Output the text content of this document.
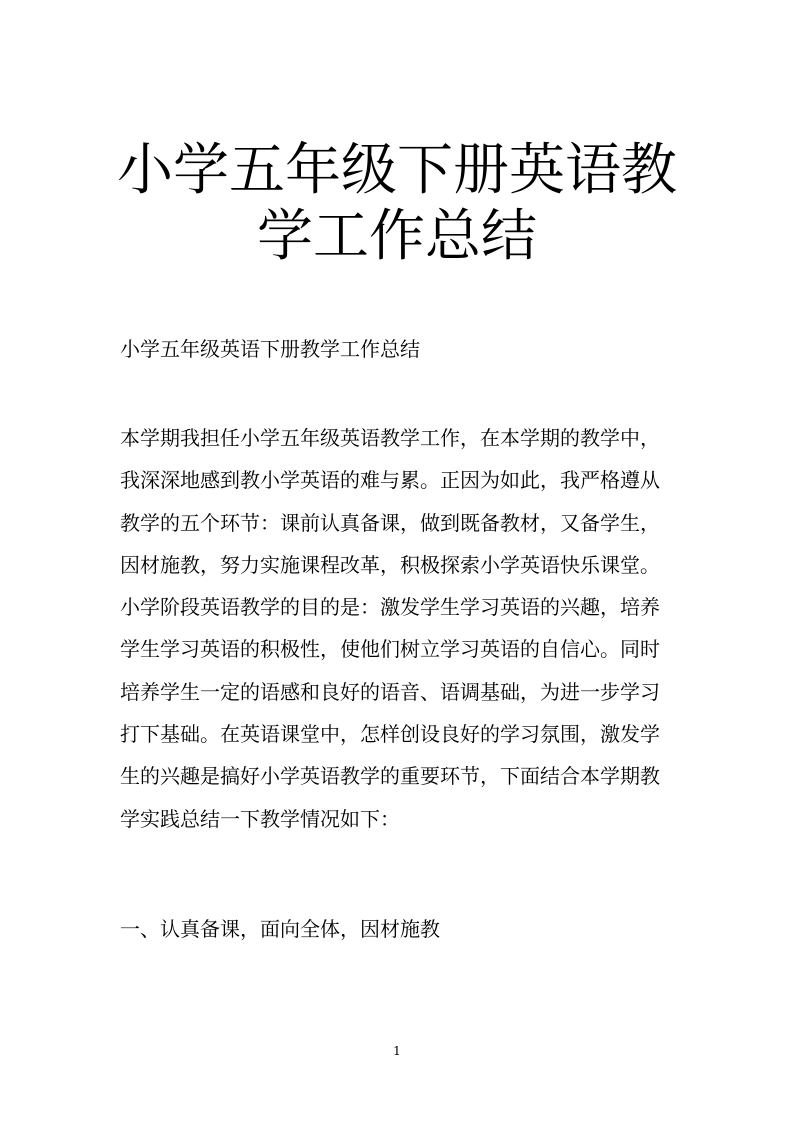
小学五年级下册英语教学工作总结

小学五年级英语下册教学工作总结

本学期我担任小学五年级英语教学工作，在本学期的教学中，我深深地感到教小学英语的难与累。正因为如此，我严格遵从教学的五个环节：课前认真备课，做到既备教材，又备学生，因材施教，努力实施课程改革，积极探索小学英语快乐课堂。小学阶段英语教学的目的是：激发学生学习英语的兴趣，培养学生学习英语的积极性，使他们树立学习英语的自信心。同时培养学生一定的语感和良好的语音、语调基础，为进一步学习打下基础。在英语课堂中，怎样创设良好的学习氛围，激发学生的兴趣是搞好小学英语教学的重要环节，下面结合本学期教学实践总结一下教学情况如下：

一、认真备课，面向全体，因材施教

1
